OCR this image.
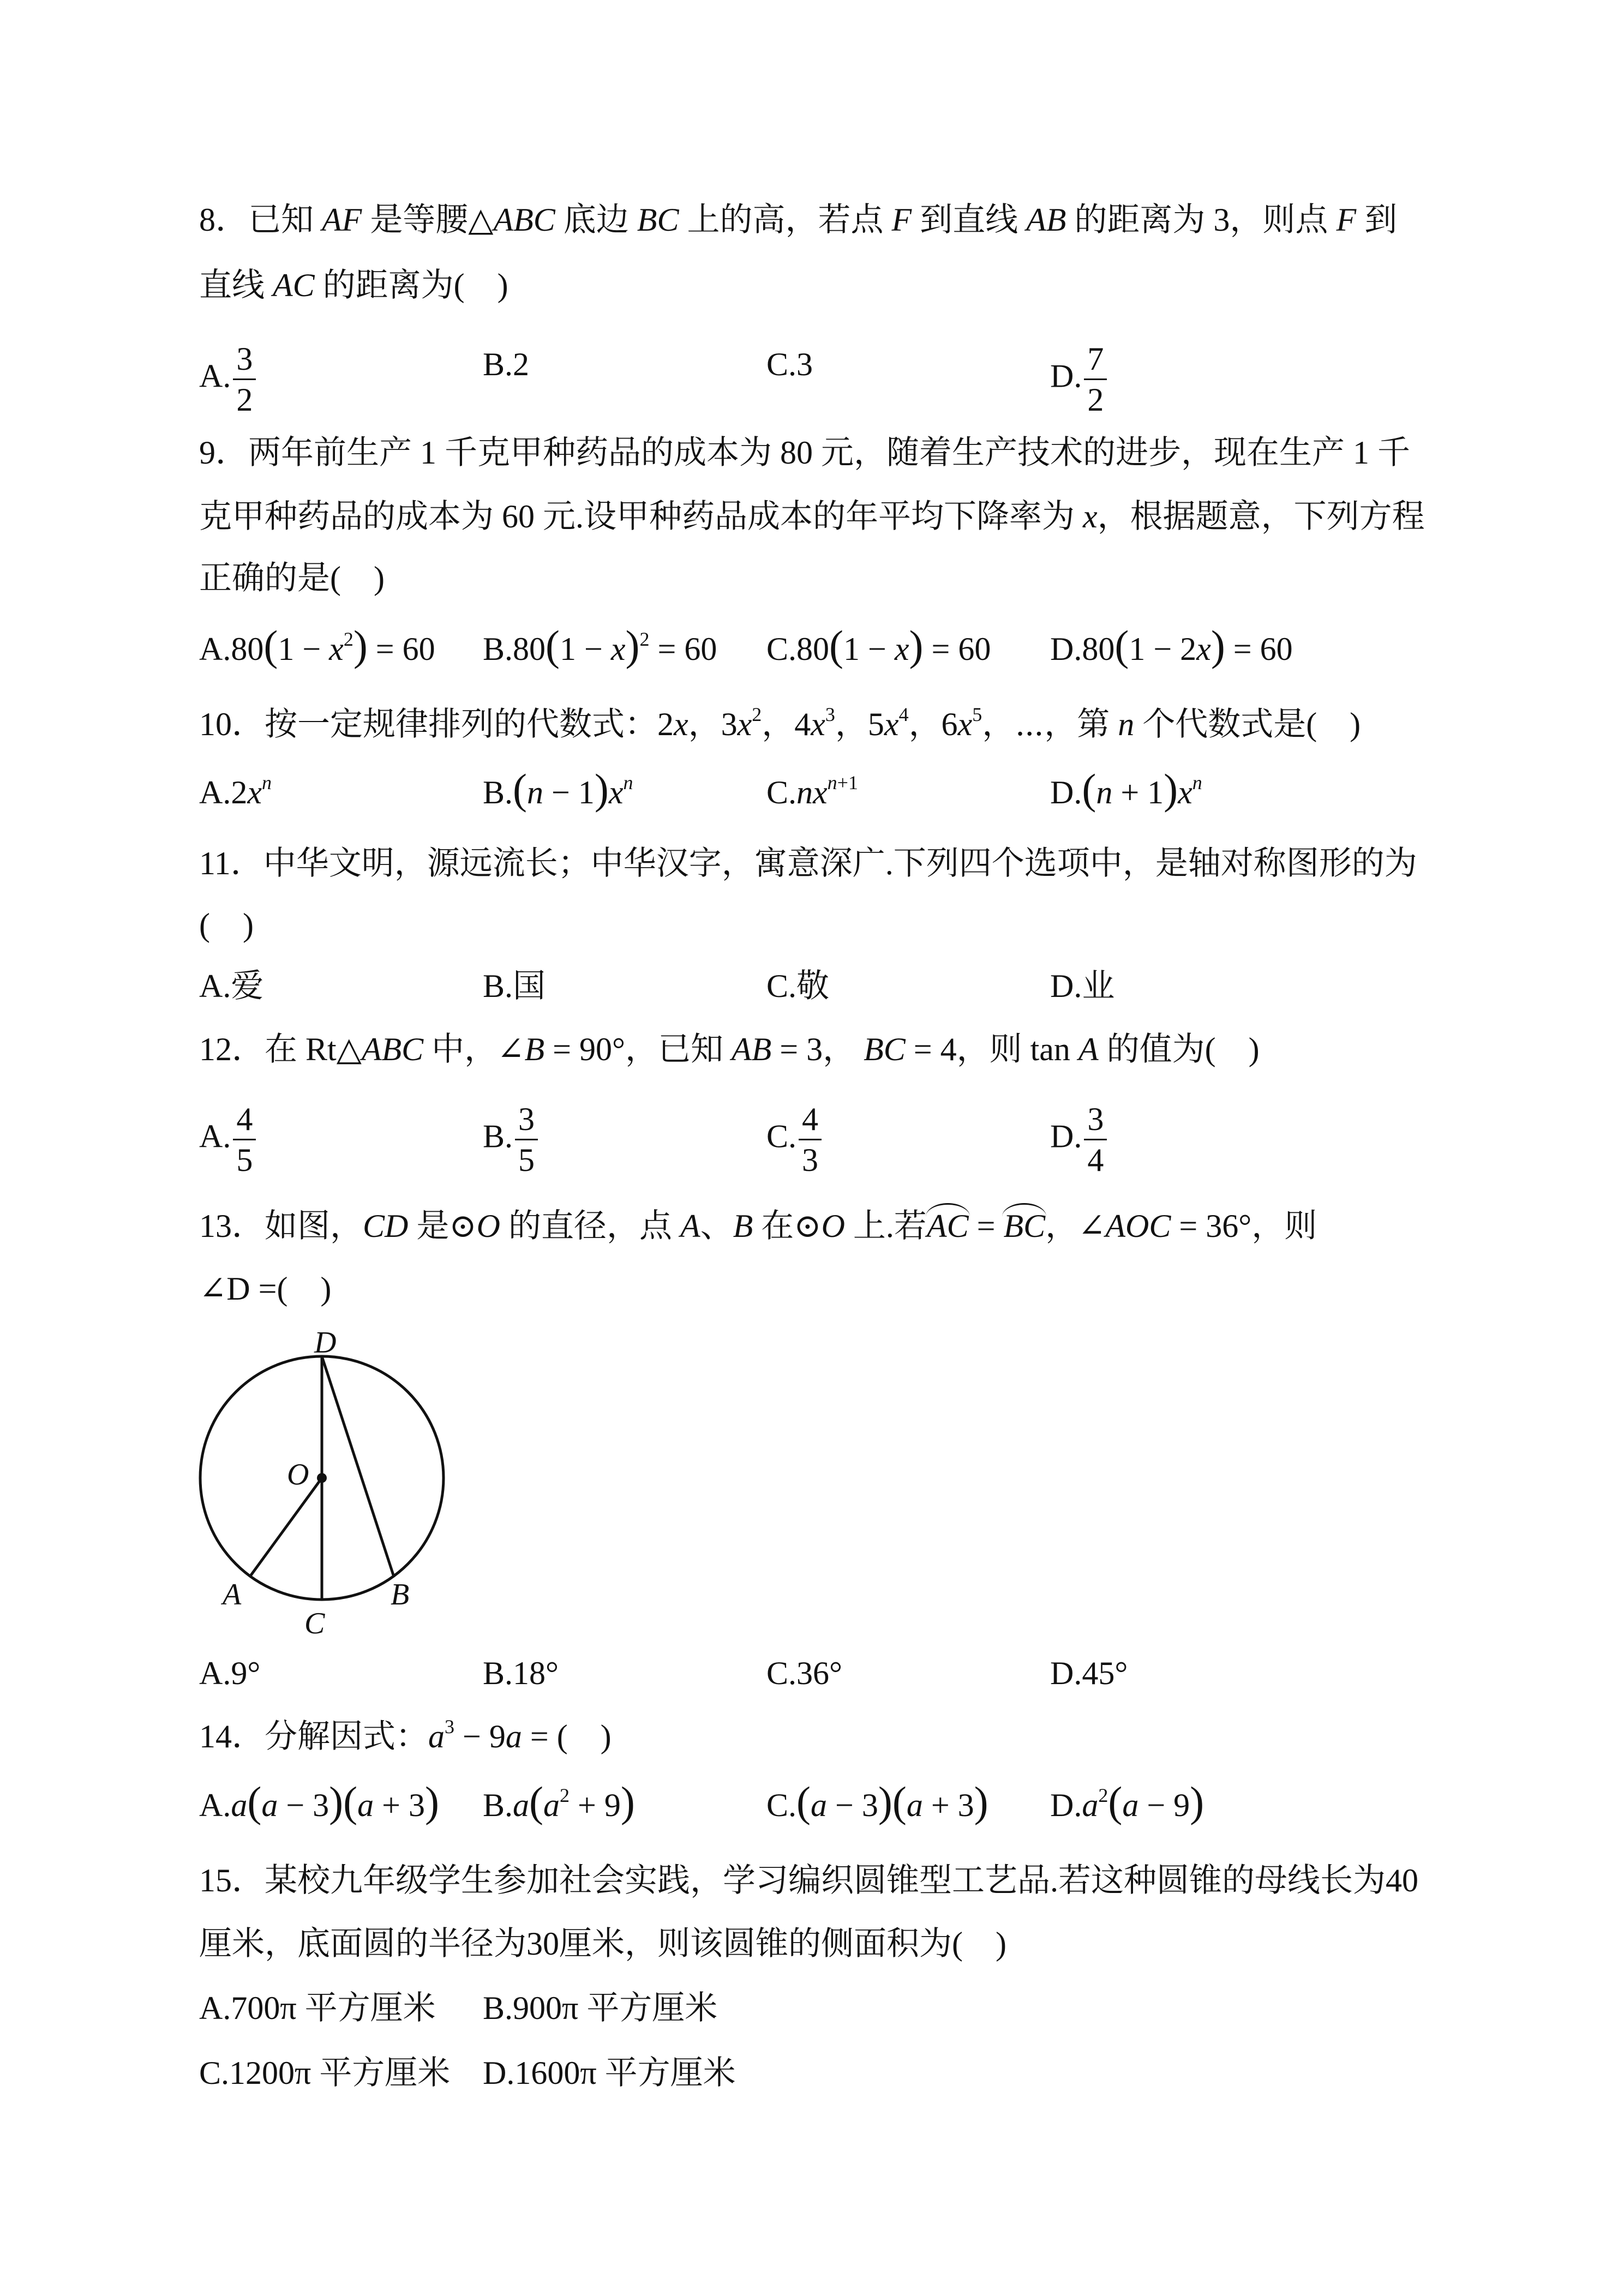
8．已知 AF 是等腰△ABC 底边 BC 上的高，若点 F 到直线 AB 的距离为 3，则点 F 到
直线 AC 的距离为(　)
A. $\frac{3}{2}$	B.2	C.3	D. $\frac{7}{2}$
9．两年前生产 1 千克甲种药品的成本为 80 元，随着生产技术的进步，现在生产 1 千
克甲种药品的成本为 60 元.设甲种药品成本的年平均下降率为 x，根据题意，下列方程
正确的是(　)
$A.80(1 - x^2) = 60$ $B.80(1 - x)^2 = 60$ C.80(1 − x) = 60 D.80(1 − 2x) = 60
10．按一定规律排列的代数式：2x，$3x^2$，$4x^3$，$5x^4$，$6x^5$，⋯，第 n 个代数式是(　)
$A.2x^n$	$B.(n - 1)x^n$	$C.nx^{n+1}$	$D.(n + 1)x^n$
11．中华文明，源远流长；中华汉字，寓意深广.下列四个选项中，是轴对称图形的为
(　)
A.爱	B.国	C.敬	D.业
12．在 Rt△ABC 中，∠B = 90°，已知 AB = 3， BC = 4，则 tan A 的值为(　)
A. $\frac{4}{5}$	B. $\frac{3}{5}$	C. $\frac{4}{3}$	D. $\frac{3}{4}$
13．如图，CD 是⊙O 的直径，点 A、B 在⊙O 上.若AC = BC，∠AOC = 36°，则
∠D =(　)
D
O
A	B
C
A.9°	B.18°	C.36°	D.45°
14．分解因式：$a^3 - 9a$ = (　)
A.a(a − 3)(a + 3) $B.a(a^2 + 9)$	C.(a − 3)(a + 3) $D.a^2(a - 9)$
15．某校九年级学生参加社会实践，学习编织圆锥型工艺品.若这种圆锥的母线长为40
厘米，底面圆的半径为30厘米，则该圆锥的侧面积为(　)
A.700π 平方厘米 B.900π 平方厘米
C.1200π 平方厘米 D.1600π 平方厘米
